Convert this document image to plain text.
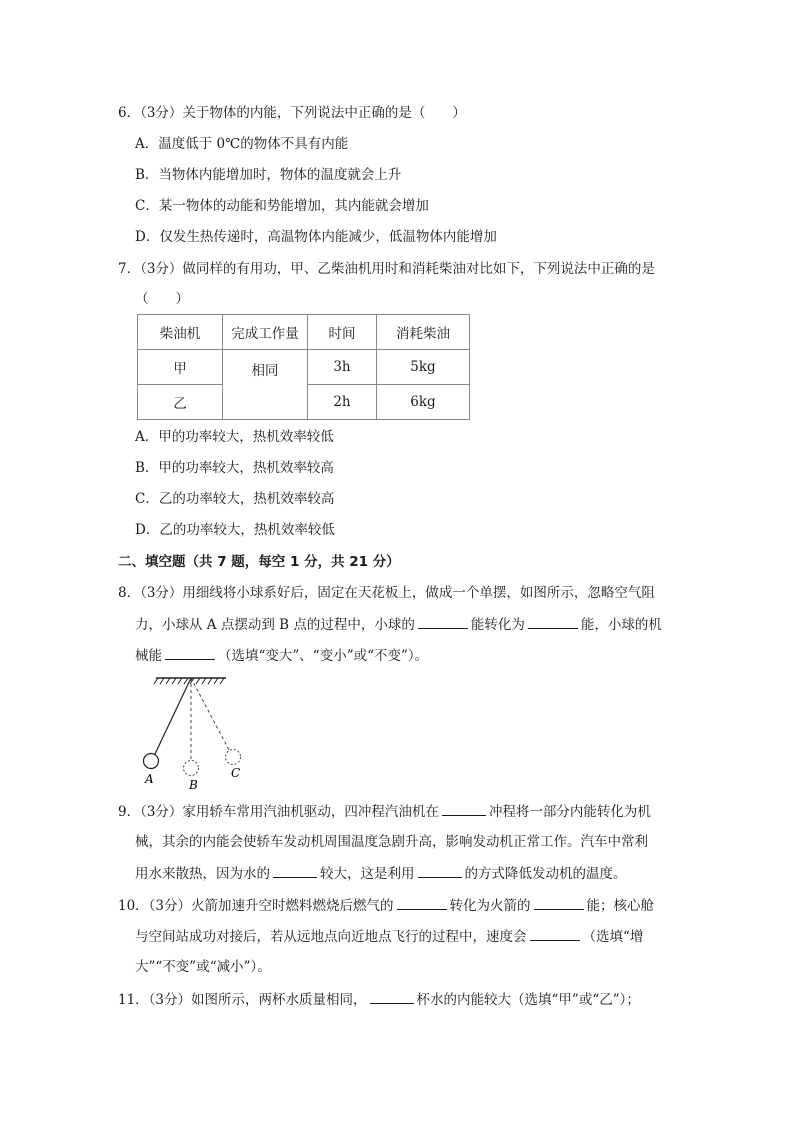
6．（3分）关于物体的内能，下列说法中正确的是（　　）
A．温度低于 0℃的物体不具有内能
B．当物体内能增加时，物体的温度就会上升
C．某一物体的动能和势能增加，其内能就会增加
D．仅发生热传递时，高温物体内能减少，低温物体内能增加
7．（3分）做同样的有用功，甲、乙柴油机用时和消耗柴油对比如下，下列说法中正确的是
（　　）
柴油机	完成工作量	时间	消耗柴油
甲	相同	3h	5kg
乙		2h	6kg
A．甲的功率较大，热机效率较低
B．甲的功率较大，热机效率较高
C．乙的功率较大，热机效率较高
D．乙的功率较大，热机效率较低
二、填空题（共 7 题，每空 1 分，共 21 分）
8．（3分）用细线将小球系好后，固定在天花板上，做成一个单摆，如图所示，忽略空气阻
力，小球从 A 点摆动到 B 点的过程中，小球的	能转化为	能，小球的机
械能	（选填“变大”、“变小”或“不变”）。
A	B
C
9．（3分）家用轿车常用汽油机驱动，四冲程汽油机在	冲程将一部分内能转化为机
械，其余的内能会使轿车发动机周围温度急剧升高，影响发动机正常工作。汽车中常利
用水来散热，因为水的	较大，这是利用	的方式降低发动机的温度。
10．（3分）火箭加速升空时燃料燃烧后燃气的	转化为火箭的	能；核心舱
与空间站成功对接后，若从远地点向近地点飞行的过程中，速度会	（选填“增
大”“不变”或“减小”）。
11．（3分）如图所示，两杯水质量相同，	杯水的内能较大（选填“甲”或“乙”）；
